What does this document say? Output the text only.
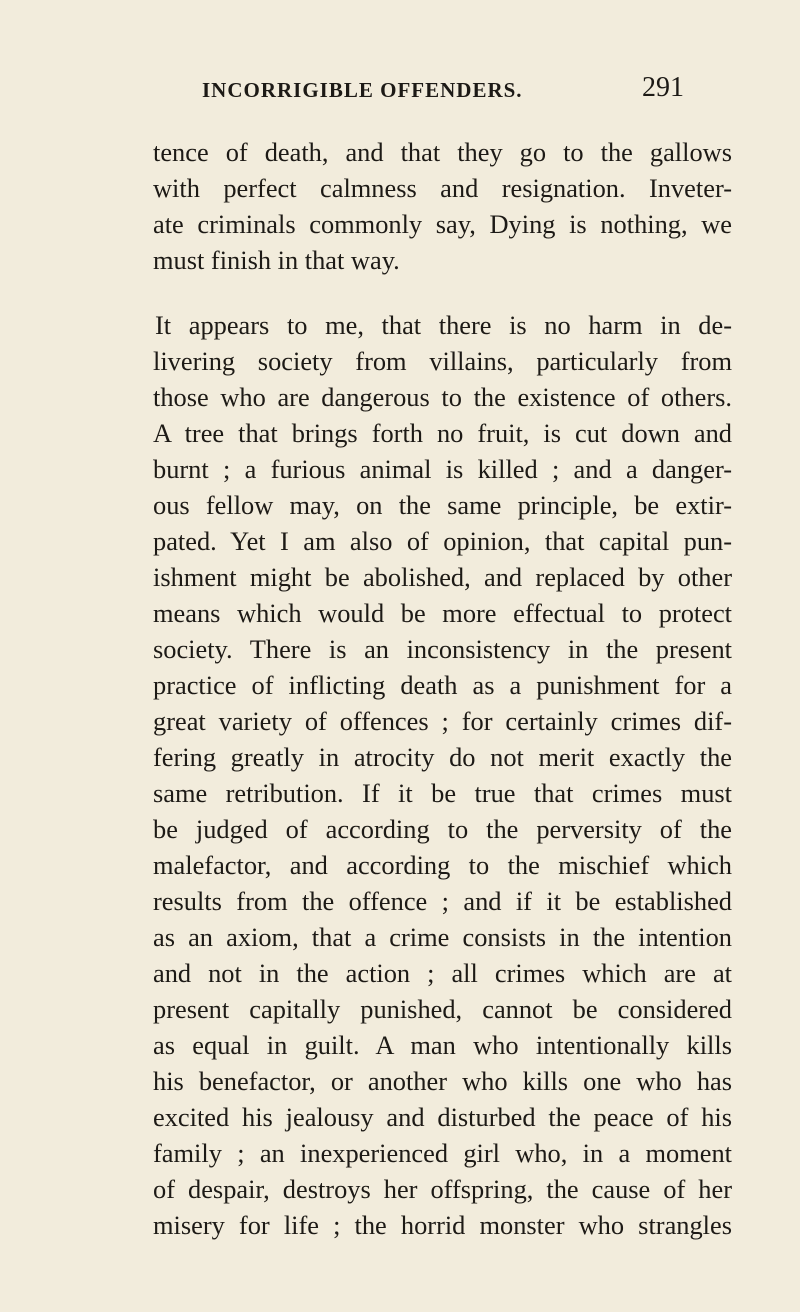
INCORRIGIBLE OFFENDERS.	291
tence of death, and that they go to the gallows
with perfect calmness and resignation. Inveter-
ate criminals commonly say, Dying is nothing, we
must finish in that way.
It appears to me, that there is no harm in de-
livering society from villains, particularly from
those who are dangerous to the existence of others.
A tree that brings forth no fruit, is cut down and
burnt ; a furious animal is killed ; and a danger-
ous fellow may, on the same principle, be extir-
pated. Yet I am also of opinion, that capital pun-
ishment might be abolished, and replaced by other
means which would be more effectual to protect
society. There is an inconsistency in the present
practice of inflicting death as a punishment for a
great variety of offences ; for certainly crimes dif-
fering greatly in atrocity do not merit exactly the
same retribution. If it be true that crimes must
be judged of according to the perversity of the
malefactor, and according to the mischief which
results from the offence ; and if it be established
as an axiom, that a crime consists in the intention
and not in the action ; all crimes which are at
present capitally punished, cannot be considered
as equal in guilt. A man who intentionally kills
his benefactor, or another who kills one who has
excited his jealousy and disturbed the peace of his
family ; an inexperienced girl who, in a moment
of despair, destroys her offspring, the cause of her
misery for life ; the horrid monster who strangles
